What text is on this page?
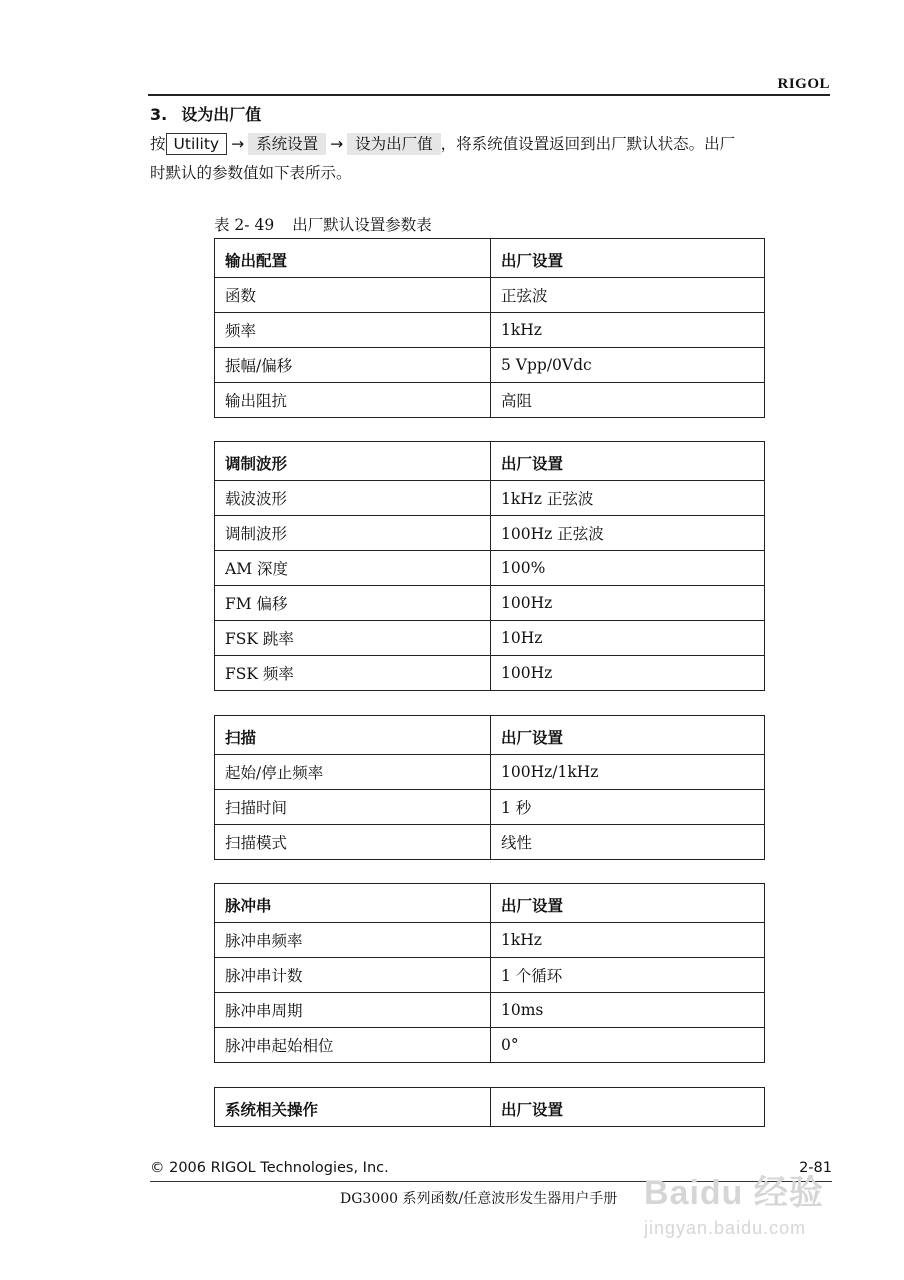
RIGOL
3. 设为出厂值
按 Utility → 系统设置 → 设为出厂值 ，将系统值设置返回到出厂默认状态。出厂
时默认的参数值如下表所示。
表 2- 49 出厂默认设置参数表
输出配置	出厂设置
函数	正弦波
频率	1kHz
振幅/偏移	5 Vpp/0Vdc
输出阻抗	高阻
调制波形	出厂设置
载波波形	1kHz 正弦波
调制波形	100Hz 正弦波
AM 深度	100%
FM 偏移	100Hz
FSK 跳率	10Hz
FSK 频率	100Hz
扫描	出厂设置
起始/停止频率	100Hz/1kHz
扫描时间	1 秒
扫描模式	线性
脉冲串	出厂设置
脉冲串频率	1kHz
脉冲串计数	1 个循环
脉冲串周期	10ms
脉冲串起始相位	0°
系统相关操作	出厂设置
© 2006 RIGOL Technologies, Inc.	2-81
DG3000 系列函数/任意波形发生器用户手册 Baidu 经验
jingyan.baidu.com
